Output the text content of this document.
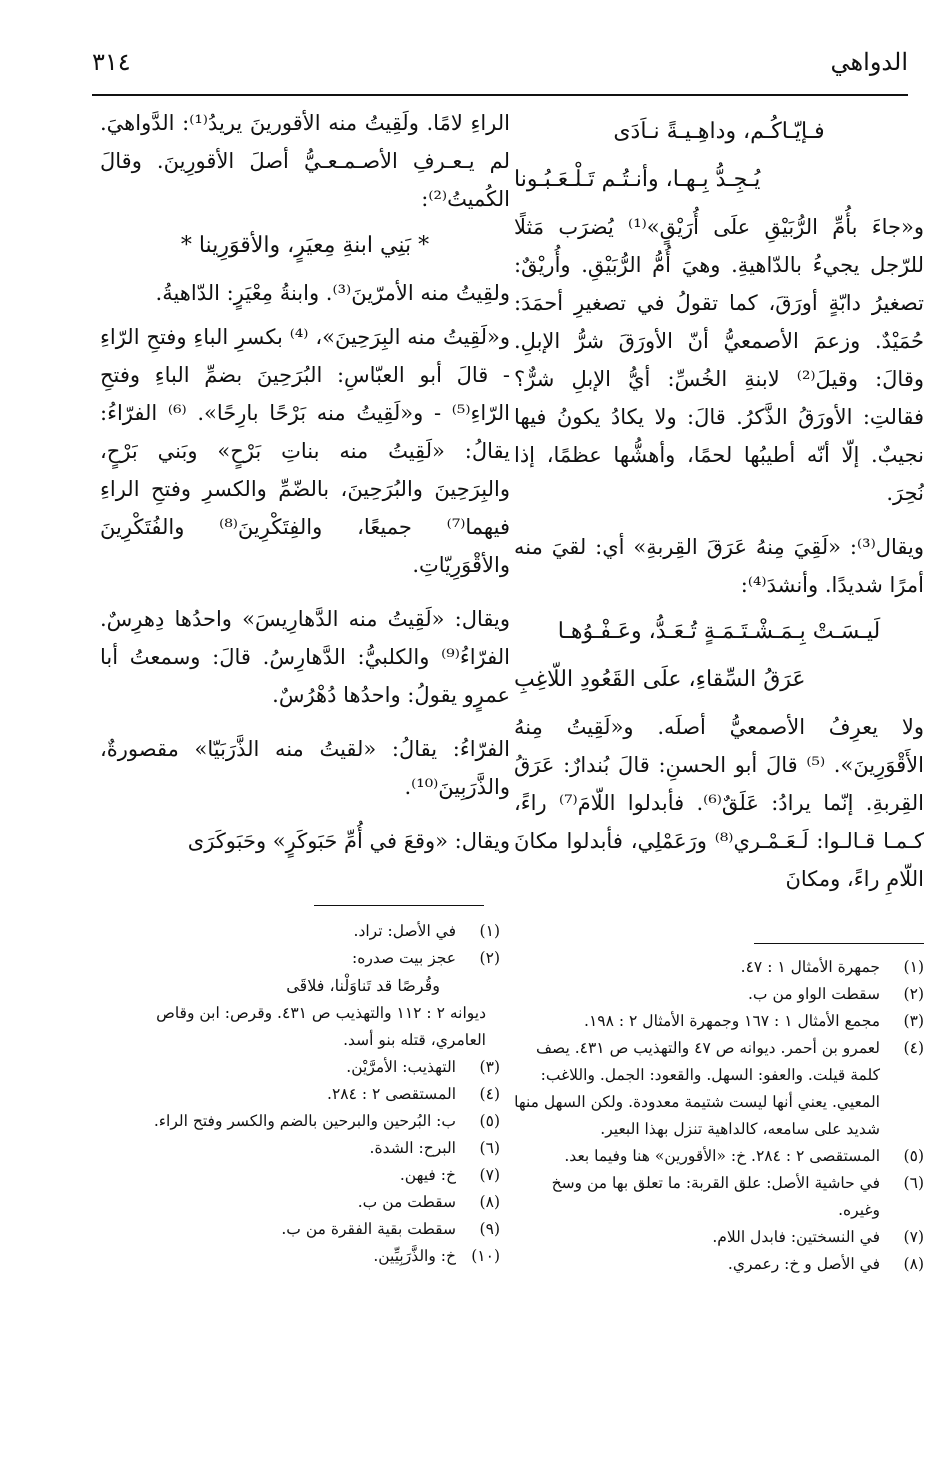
الدواهي
٣١٤

فـإيّـاكُـم، وداهِـيـةً نـاَدَى

يُـجِـدُّ بِـهـا، وأنـتُـم تَـلْـعَـبُـونا

و«جاءَ بأُمِّ الرُّبَيْقِ علَى أُرَيْقٍ»⁽¹⁾ يُضرَب مَثلًا للرّجل يجيءُ بالدّاهيةِ. وهيَ أُمُّ الرُّبَيْقِ. وأُريْقٌ: تصغيرُ دابّةٍ أورَقَ، كما تقولُ في تصغيرِ أحمَدَ: حُمَيْدٌ. وزعمَ الأصمعيُّ أنّ الأورَقَ شرُّ الإبلِ. وقالَ: وقيلَ⁽²⁾ لابنةِ الخُسِّ: أيُّ الإبلِ شرٌّ؟ فقالتِ: الأورَقُ الذَّكرُ. قالَ: ولا يكادُ يكونُ فيها نجيبٌ. إلّا أنّه أطيبُها لحمًا، وأهشُّها عظمًا، إذا نُحِرَ.

ويقال⁽³⁾: «لَقِيَ مِنهُ عَرَقَ القِربةِ» أي: لقيَ منه أمرًا شديدًا. وأنشدَ⁽⁴⁾:

لَيـسَـتْ بِـمَـشْـتَـمَـةٍ تُـعَـدُّ، وعَـفْـوُهـا

عَرَقُ السِّقاءِ، علَى القَعُودِ اللّاغِبِ

ولا يعرِفُ الأصمعيُّ أصلَه. و«لَقِيتُ مِنهُ الأَقْوَرِينَ». ⁽⁵⁾ قالَ أبو الحسنِ: قالَ بُندارٌ: عَرَقُ القِربةِ. إنّما يرادُ: عَلَقٌ⁽⁶⁾. فأبدلوا اللّامَ⁽⁷⁾ راءً، كـمـا قـالـوا: لَـعَـمْـري⁽⁸⁾ ورَعَمْلِي، فأبدلوا مكانَ اللّامِ راءً، ومكانَ

الراءِ لامًا. ولَقِيتُ منه الأقورينَ يريدُ⁽¹⁾: الدَّواهيَ. لم يـعـرفِ الأصـمـعـيُّ أصلَ الأقورِينَ. وقالَ الكُميتُ⁽²⁾:

* بَنِي ابنةِ مِعيَرٍ، والأقوَرِينا *

ولقِيتُ منه الأمرّينَ⁽³⁾. وابنةُ مِعْيَرٍ: الدّاهيةُ.

و«لَقِيتُ منه البِرَحِينَ»، ⁽⁴⁾ بكسرِ الباءِ وفتحِ الرّاءِ - قالَ أبو العبّاسِ: البُرَحِينَ بضمِّ الباءِ وفتحِ الرّاءِ⁽⁵⁾ - و«لَقِيتُ منه بَرْحًا بارِحًا». ⁽⁶⁾ الفرّاءُ: يقالُ: «لَقِيتُ منه بناتِ بَرْحٍ» وبَني بَرْحٍ، والبِرَحِينَ والبُرَحِينَ، بالضّمِّ والكسرِ وفتحِ الراءِ فيهما⁽⁷⁾ جميعًا، والفِتَكْرِينَ⁽⁸⁾ والفُتَكْرِينَ والأقْوَرِيّاتِ.

ويقال: «لَقِيتُ منه الدَّهارِيسَ» واحدُها دِهرِسٌ. الفرّاءُ⁽⁹⁾ والكلبيُّ: الدَّهارِسُ. قالَ: وسمعتُ أبا عمرٍو يقولُ: واحدُها دُهْرُسٌ.

الفرّاءُ: يقالُ: «لقيتُ منه الذَّرَبَيّا» مقصورةٌ، والذَّرَبِينَ⁽¹⁰⁾.

ويقال: «وقعَ في أُمِّ حَبَوكَرٍ» وحَبَوكَرَى

(١)
جمهرة الأمثال ١ : ٤٧.
(٢)
سقطت الواو من ب.
(٣)
مجمع الأمثال ١ : ١٦٧ وجمهرة الأمثال ٢ : ١٩٨.
(٤)
لعمرو بن أحمر. ديوانه ص ٤٧ والتهذيب ص ٤٣١. يصف كلمة قيلت. والعفو: السهل. والقعود: الجمل. واللاغب: المعيي. يعني أنها ليست شتيمة معدودة. ولكن السهل منها شديد على سامعه، كالداهية تنزل بهذا البعير.
(٥)
المستقصى ٢ : ٢٨٤. خ: «الأقورين» هنا وفيما بعد.
(٦)
في حاشية الأصل: علق القربة: ما تعلق بها من وسخ وغيره.
(٧)
في النسختين: فابدل اللام.
(٨)
في الأصل و خ: رعمري.
(١)
في الأصل: تراد.
(٢)
عجز بيت صدره:
وقُرصًا قد تَناوَلْنا، فلاقَى
ديوانه ٢ : ١١٢ والتهذيب ص ٤٣١. وقرص: ابن وقاص العامري، قتله بنو أسد.
(٣)
التهذيب: الأمرَّيْن.
(٤)
المستقصى ٢ : ٢٨٤.
(٥)
ب: البُرحين والبرحين بالضم والكسر وفتح الراء.
(٦)
البرح: الشدة.
(٧)
خ: فيهن.
(٨)
سقطت من ب.
(٩)
سقطت بقية الفقرة من ب.
(١٠)
خ: والذَّرَبِيِّين.
